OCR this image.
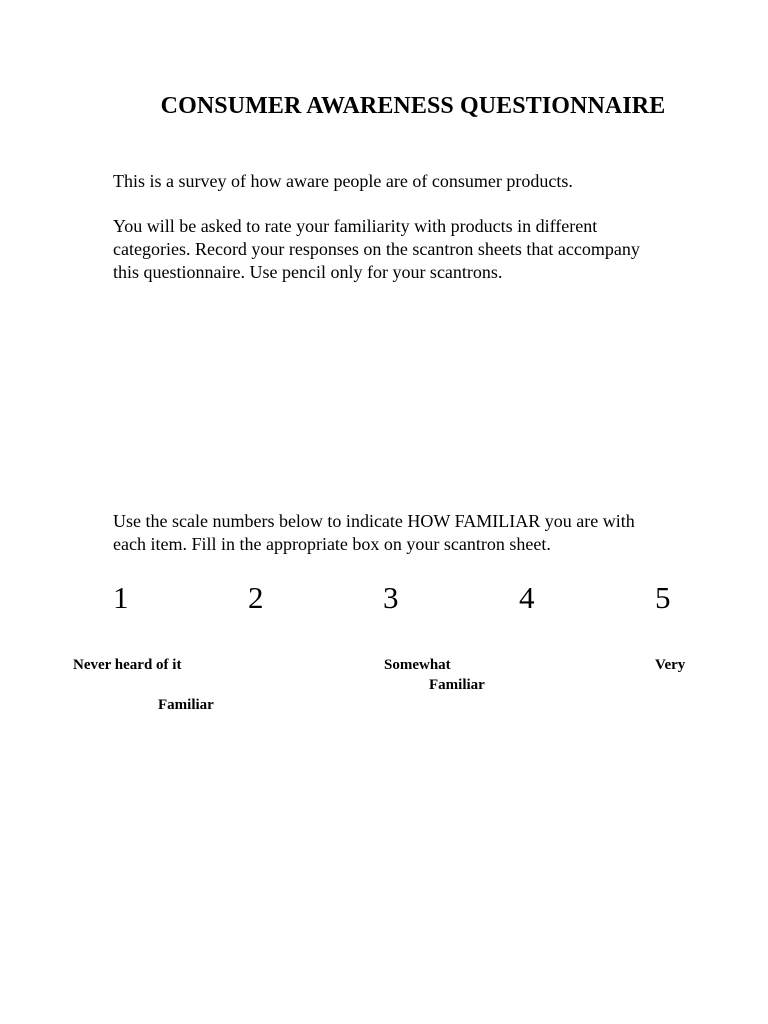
CONSUMER AWARENESS QUESTIONNAIRE

This is a survey of how aware people are of consumer products.

You will be asked to rate your familiarity with products in different
categories. Record your responses on the scantron sheets that accompany
this questionnaire. Use pencil only for your scantrons.

Use the scale numbers below to indicate HOW FAMILIAR you are with
each item. Fill in the appropriate box on your scantron sheet.

1	2	3	4	5
Never heard of it
Familiar
Somewhat
Familiar
Very
